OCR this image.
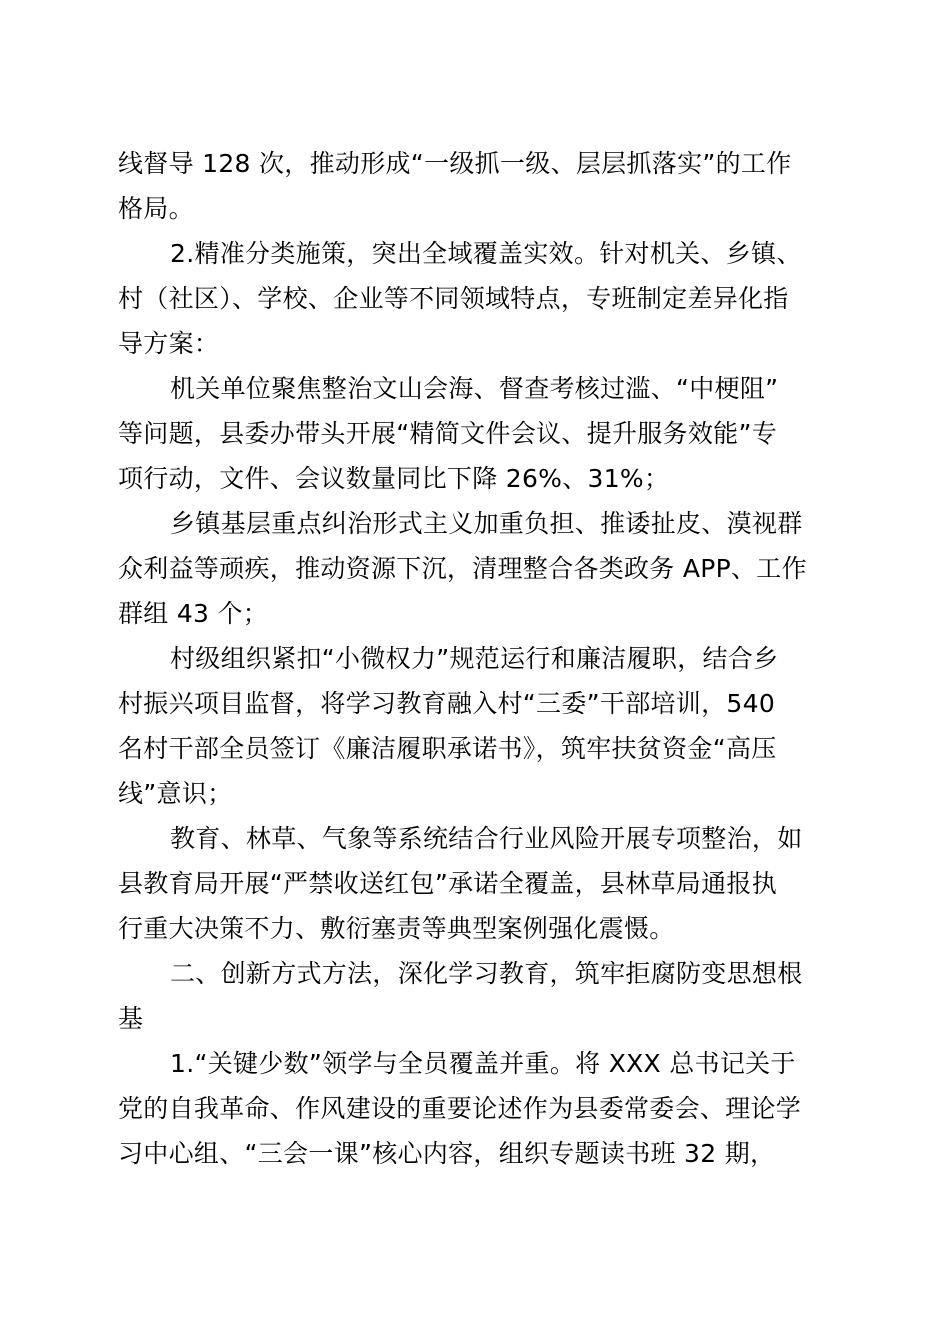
线督导 128 次，推动形成“一级抓一级、层层抓落实”的工作
格局。
2.精准分类施策，突出全域覆盖实效。针对机关、乡镇、
村（社区）、学校、企业等不同领域特点，专班制定差异化指
导方案：
机关单位聚焦整治文山会海、督查考核过滥、“中梗阻”
等问题，县委办带头开展“精简文件会议、提升服务效能”专
项行动，文件、会议数量同比下降 26%、31%；
乡镇基层重点纠治形式主义加重负担、推诿扯皮、漠视群
众利益等顽疾，推动资源下沉，清理整合各类政务 APP、工作
群组 43 个；
村级组织紧扣“小微权力”规范运行和廉洁履职，结合乡
村振兴项目监督，将学习教育融入村“三委”干部培训，540
名村干部全员签订《廉洁履职承诺书》，筑牢扶贫资金“高压
线”意识；
教育、林草、气象等系统结合行业风险开展专项整治，如
县教育局开展“严禁收送红包”承诺全覆盖，县林草局通报执
行重大决策不力、敷衍塞责等典型案例强化震慑。
二、创新方式方法，深化学习教育，筑牢拒腐防变思想根
基
1.“关键少数”领学与全员覆盖并重。将 XXX 总书记关于
党的自我革命、作风建设的重要论述作为县委常委会、理论学
习中心组、“三会一课”核心内容，组织专题读书班 32 期，
